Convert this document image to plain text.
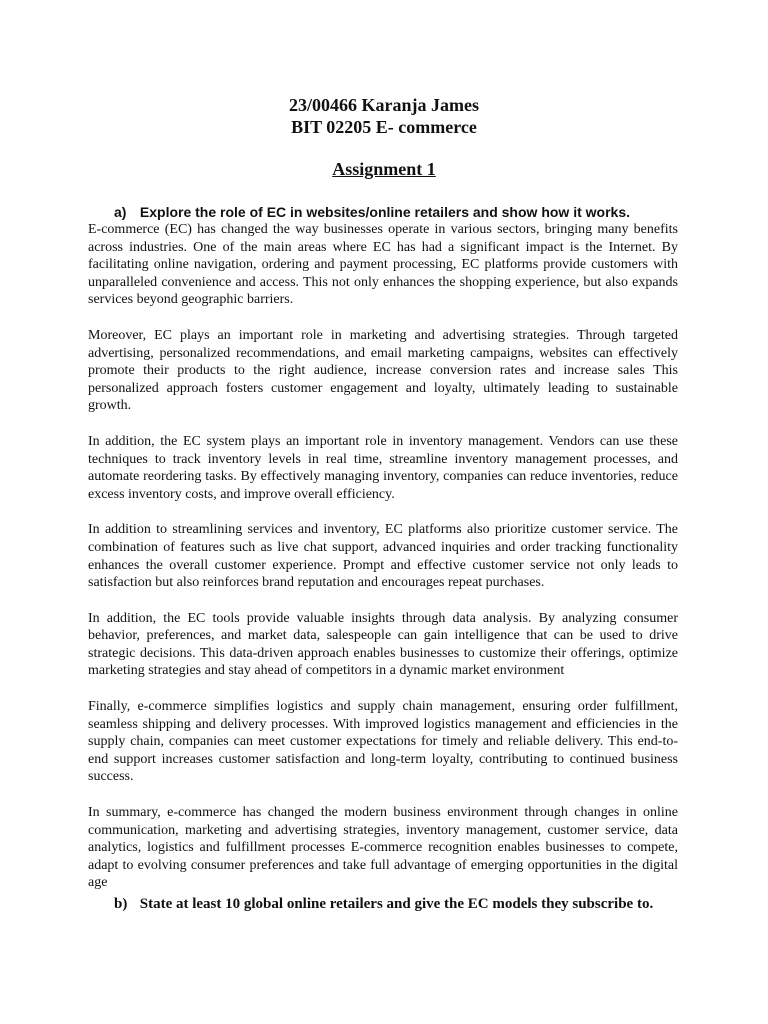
23/00466 Karanja James
BIT 02205 E- commerce
Assignment 1
a) Explore the role of EC in websites/online retailers and show how it works.

E-commerce (EC) has changed the way businesses operate in various sectors, bringing many benefits across industries. One of the main areas where EC has had a significant impact is the Internet. By facilitating online navigation, ordering and payment processing, EC platforms provide customers with unparalleled convenience and access. This not only enhances the shopping experience, but also expands services beyond geographic barriers.

Moreover, EC plays an important role in marketing and advertising strategies. Through targeted advertising, personalized recommendations, and email marketing campaigns, websites can effectively promote their products to the right audience, increase conversion rates and increase sales This personalized approach fosters customer engagement and loyalty, ultimately leading to sustainable growth.

In addition, the EC system plays an important role in inventory management. Vendors can use these techniques to track inventory levels in real time, streamline inventory management processes, and automate reordering tasks. By effectively managing inventory, companies can reduce inventories, reduce excess inventory costs, and improve overall efficiency.

In addition to streamlining services and inventory, EC platforms also prioritize customer service. The combination of features such as live chat support, advanced inquiries and order tracking functionality enhances the overall customer experience. Prompt and effective customer service not only leads to satisfaction but also reinforces brand reputation and encourages repeat purchases.

In addition, the EC tools provide valuable insights through data analysis. By analyzing consumer behavior, preferences, and market data, salespeople can gain intelligence that can be used to drive strategic decisions. This data-driven approach enables businesses to customize their offerings, optimize marketing strategies and stay ahead of competitors in a dynamic market environment

Finally, e-commerce simplifies logistics and supply chain management, ensuring order fulfillment, seamless shipping and delivery processes. With improved logistics management and efficiencies in the supply chain, companies can meet customer expectations for timely and reliable delivery. This end-to-end support increases customer satisfaction and long-term loyalty, contributing to continued business success.

In summary, e-commerce has changed the modern business environment through changes in online communication, marketing and advertising strategies, inventory management, customer service, data analytics, logistics and fulfillment processes E-commerce recognition enables businesses to compete, adapt to evolving consumer preferences and take full advantage of emerging opportunities in the digital age

b) State at least 10 global online retailers and give the EC models they subscribe to.
